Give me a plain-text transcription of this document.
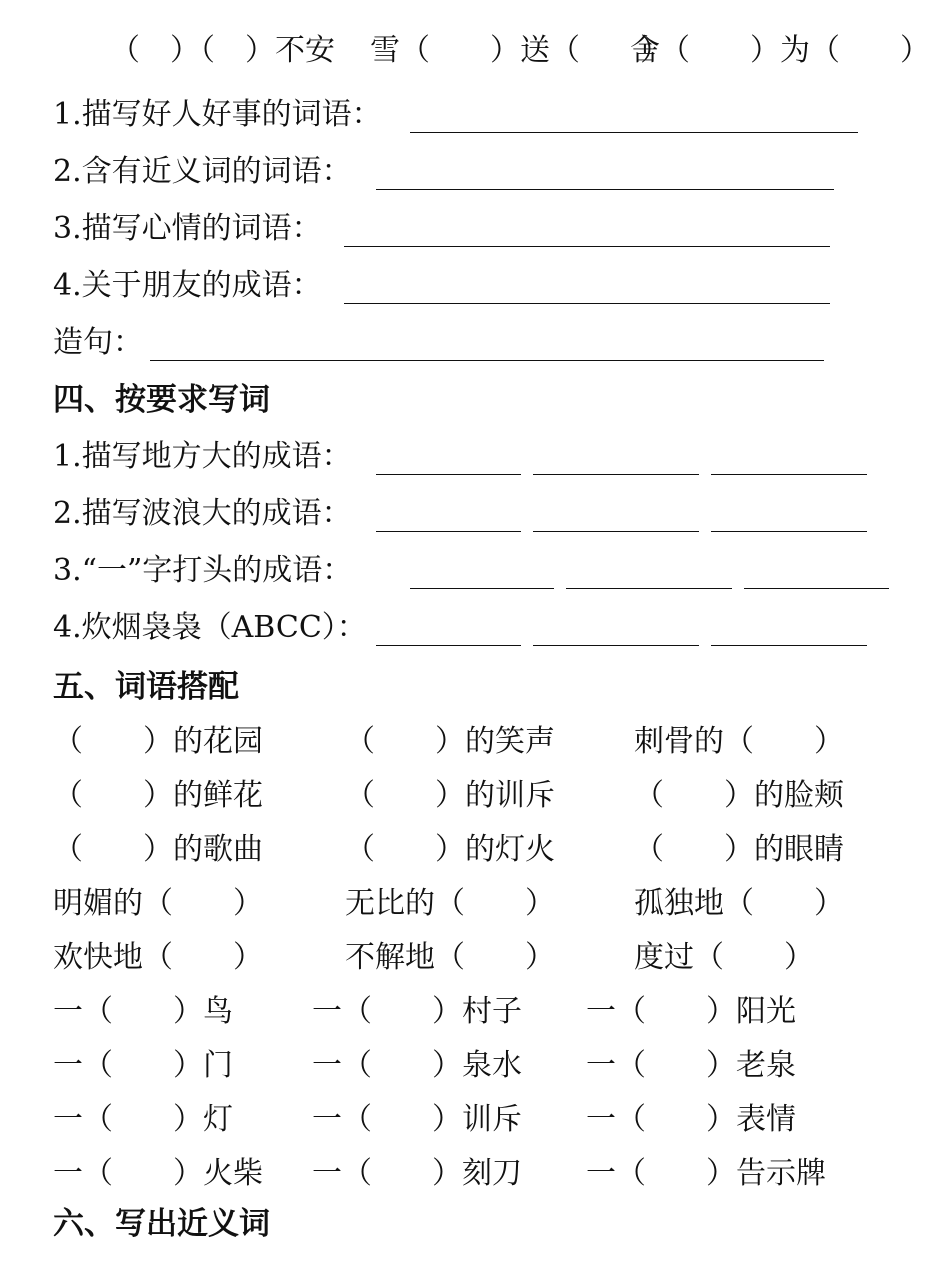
（　）（　）不安 雪（　　）送（　　）
舍（　　）为（　　）
1.描写好人好事的词语：
2.含有近义词的词语：
3.描写心情的词语：
4.关于朋友的成语：
造句：
四、按要求写词
1.描写地方大的成语：
2.描写波浪大的成语：
3.“一”字打头的成语：
4.炊烟袅袅（ABCC）：
五、词语搭配
（　　）的花园	（　　）的笑声	刺骨的（　　）
（　　）的鲜花	（　　）的训斥	（　　）的脸颊
（　　）的歌曲	（　　）的灯火	（　　）的眼睛
明媚的（　　）	无比的（　　）	孤独地（　　）
欢快地（　　）	不解地（　　）	度过（　　）
一（　　）鸟	一（　　）村子 一（　　）阳光
一（　　）门	一（　　）泉水 一（　　）老泉
一（　　）灯	一（　　）训斥 一（　　）表情
一（　　）火柴 一（　　）刻刀 一（　　）告示牌
六、写出近义词
